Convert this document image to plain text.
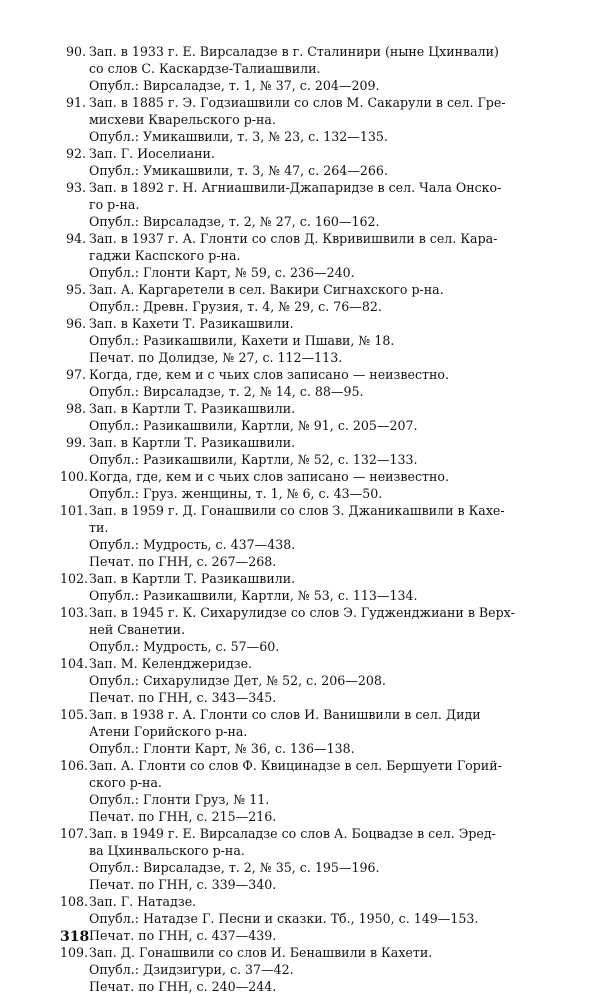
90. Зап. в 1933 г. Е. Вирсаладзе в г. Сталинири (ныне Цхинвали)
со слов С. Каскардзе-Талиашвили.
Опубл.: Вирсаладзе, т. 1, № 37, с. 204—209.
91. Зап. в 1885 г. Э. Годзиашвили со слов М. Сакарули в сел. Гре-
мисхеви Кварельского р-на.
Опубл.: Умикашвили, т. 3, № 23, с. 132—135.
92. Зап. Г. Иоселиани.
Опубл.: Умикашвили, т. 3, № 47, с. 264—266.
93. Зап. в 1892 г. Н. Агниашвили-Джапаридзе в сел. Чала Онско-
го р-на.
Опубл.: Вирсаладзе, т. 2, № 27, с. 160—162.
94. Зап. в 1937 г. А. Глонти со слов Д. Квривишвили в сел. Кара-
гаджи Каспского р-на.
Опубл.: Глонти Карт, № 59, с. 236—240.
95. Зап. А. Каргаретели в сел. Вакири Сигнахского р-на.
Опубл.: Древн. Грузия, т. 4, № 29, с. 76—82.
96. Зап. в Кахети Т. Разикашвили.
Опубл.: Разикашвили, Кахети и Пшави, № 18.
Печат. по Долидзе, № 27, с. 112—113.
97. Когда, где, кем и с чьих слов записано — неизвестно.
Опубл.: Вирсаладзе, т. 2, № 14, с. 88—95.
98. Зап. в Картли Т. Разикашвили.
Опубл.: Разикашвили, Картли, № 91, с. 205—207.
99. Зап. в Картли Т. Разикашвили.
Опубл.: Разикашвили, Картли, № 52, с. 132—133.
100. Когда, где, кем и с чьих слов записано — неизвестно.
Опубл.: Груз. женщины, т. 1, № 6, с. 43—50.
101. Зап. в 1959 г. Д. Гонашвили со слов З. Джаникашвили в Кахе-
ти.
Опубл.: Мудрость, с. 437—438.
Печат. по ГНН, с. 267—268.
102. Зап. в Картли Т. Разикашвили.
Опубл.: Разикашвили, Картли, № 53, с. 113—134.
103. Зап. в 1945 г. К. Сихарулидзе со слов Э. Гудженджиани в Верх-
ней Сванетии.
Опубл.: Мудрость, с. 57—60.
104. Зап. М. Келенджеридзе.
Опубл.: Сихарулидзе Дет, № 52, с. 206—208.
Печат. по ГНН, с. 343—345.
105. Зап. в 1938 г. А. Глонти со слов И. Ванишвили в сел. Диди
Атени Горийского р-на.
Опубл.: Глонти Карт, № 36, с. 136—138.
106. Зап. А. Глонти со слов Ф. Квицинадзе в сел. Бершуети Горий-
ского р-на.
Опубл.: Глонти Груз, № 11.
Печат. по ГНН, с. 215—216.
107. Зап. в 1949 г. Е. Вирсаладзе со слов А. Боцвадзе в сел. Эред-
ва Цхинвальского р-на.
Опубл.: Вирсаладзе, т. 2, № 35, с. 195—196.
Печат. по ГНН, с. 339—340.
108. Зап. Г. Натадзе.
Опубл.: Натадзе Г. Песни и сказки. Тб., 1950, с. 149—153.
Печат. по ГНН, с. 437—439.
109. Зап. Д. Гонашвили со слов И. Бенашвили в Кахети.
Опубл.: Дзидзигури, с. 37—42.
Печат. по ГНН, с. 240—244.
318
